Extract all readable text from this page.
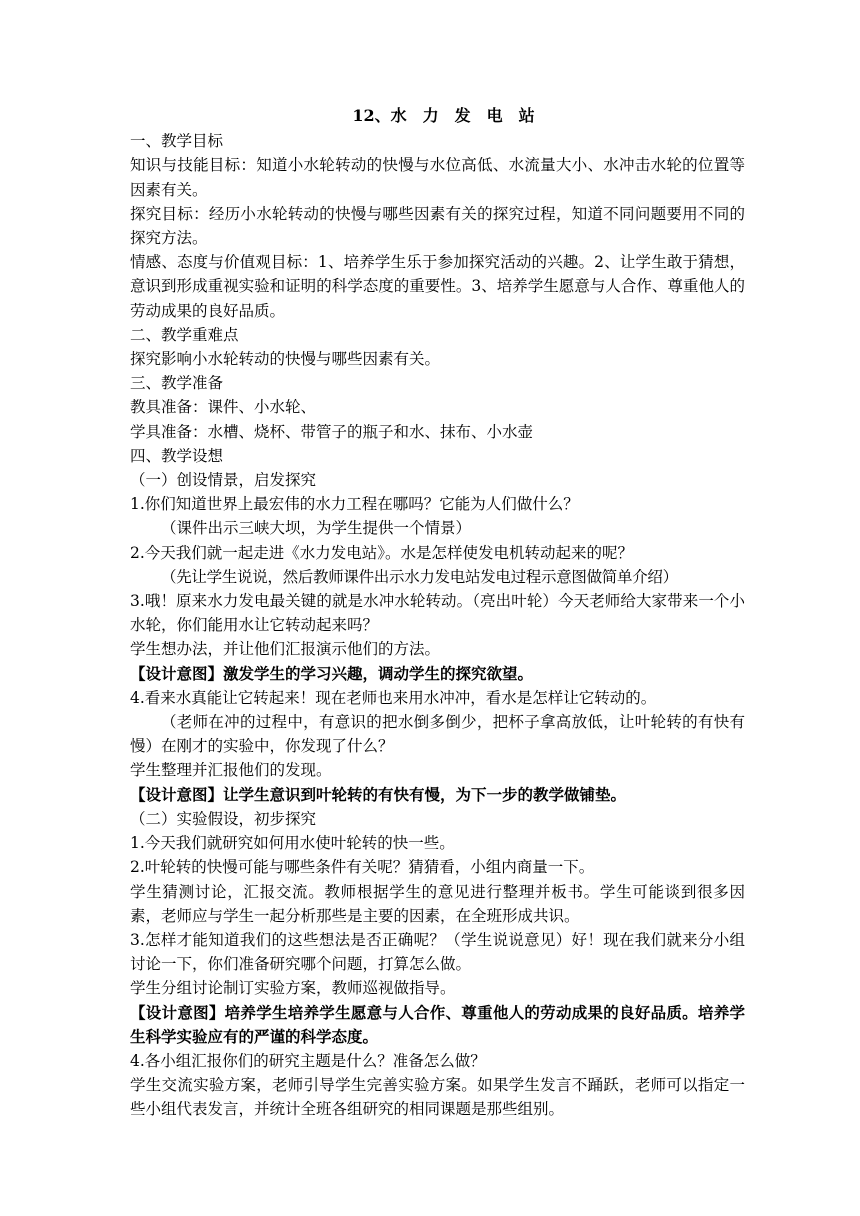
12、水　力　发　电　站

一、教学目标

知识与技能目标：知道小水轮转动的快慢与水位高低、水流量大小、水冲击水轮的位置等因素有关。

探究目标：经历小水轮转动的快慢与哪些因素有关的探究过程，知道不同问题要用不同的探究方法。

情感、态度与价值观目标：1、培养学生乐于参加探究活动的兴趣。2、让学生敢于猜想，意识到形成重视实验和证明的科学态度的重要性。3、培养学生愿意与人合作、尊重他人的劳动成果的良好品质。

二、教学重难点

探究影响小水轮转动的快慢与哪些因素有关。

三、教学准备

教具准备：课件、小水轮、

学具准备：水槽、烧杯、带管子的瓶子和水、抹布、小水壶

四、教学设想

（一）创设情景，启发探究

1.你们知道世界上最宏伟的水力工程在哪吗？它能为人们做什么？

（课件出示三峡大坝，为学生提供一个情景）

2.今天我们就一起走进《水力发电站》。水是怎样使发电机转动起来的呢？

（先让学生说说，然后教师课件出示水力发电站发电过程示意图做简单介绍）

3.哦！原来水力发电最关键的就是水冲水轮转动。（亮出叶轮）今天老师给大家带来一个小水轮，你们能用水让它转动起来吗？

学生想办法，并让他们汇报演示他们的方法。

【设计意图】激发学生的学习兴趣，调动学生的探究欲望。

4.看来水真能让它转起来！现在老师也来用水冲冲，看水是怎样让它转动的。

（老师在冲的过程中，有意识的把水倒多倒少，把杯子拿高放低，让叶轮转的有快有慢）在刚才的实验中，你发现了什么？

学生整理并汇报他们的发现。

【设计意图】让学生意识到叶轮转的有快有慢，为下一步的教学做铺垫。

（二）实验假设，初步探究

1.今天我们就研究如何用水使叶轮转的快一些。

2.叶轮转的快慢可能与哪些条件有关呢？猜猜看，小组内商量一下。

学生猜测讨论，汇报交流。教师根据学生的意见进行整理并板书。学生可能谈到很多因素，老师应与学生一起分析那些是主要的因素，在全班形成共识。

3.怎样才能知道我们的这些想法是否正确呢？（学生说说意见）好！现在我们就来分小组讨论一下，你们准备研究哪个问题，打算怎么做。

学生分组讨论制订实验方案，教师巡视做指导。

【设计意图】培养学生培养学生愿意与人合作、尊重他人的劳动成果的良好品质。培养学生科学实验应有的严谨的科学态度。

4.各小组汇报你们的研究主题是什么？准备怎么做？

学生交流实验方案，老师引导学生完善实验方案。如果学生发言不踊跃，老师可以指定一些小组代表发言，并统计全班各组研究的相同课题是那些组别。
